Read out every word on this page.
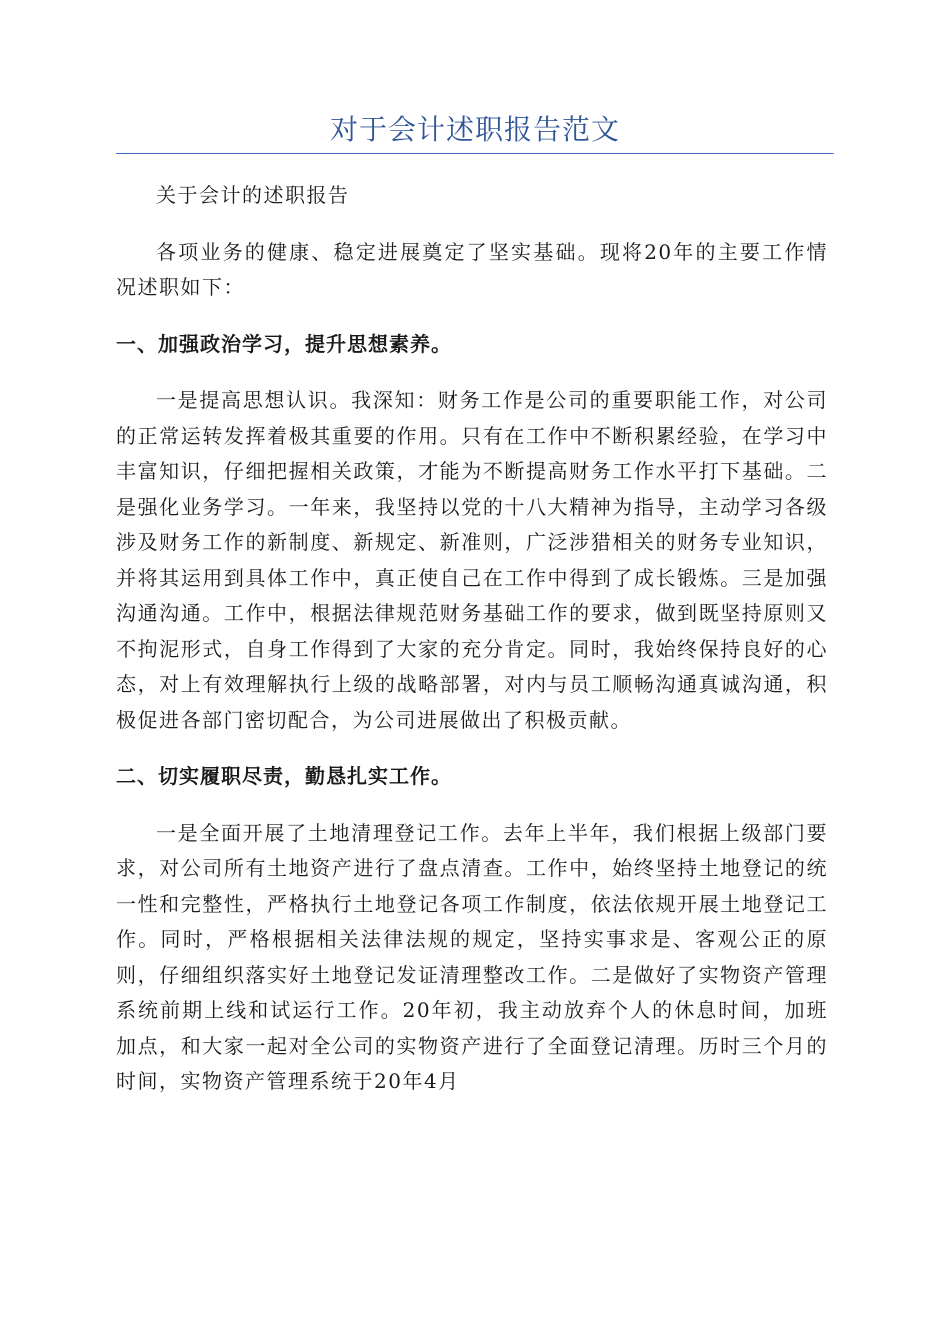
对于会计述职报告范文

关于会计的述职报告

各项业务的健康、稳定进展奠定了坚实基础。现将20年的主要工作情况述职如下：

一、加强政治学习，提升思想素养。

一是提高思想认识。我深知：财务工作是公司的重要职能工作，对公司的正常运转发挥着极其重要的作用。只有在工作中不断积累经验，在学习中丰富知识，仔细把握相关政策，才能为不断提高财务工作水平打下基础。二是强化业务学习。一年来，我坚持以党的十八大精神为指导，主动学习各级涉及财务工作的新制度、新规定、新准则，广泛涉猎相关的财务专业知识，并将其运用到具体工作中，真正使自己在工作中得到了成长锻炼。三是加强沟通沟通。工作中，根据法律规范财务基础工作的要求，做到既坚持原则又不拘泥形式，自身工作得到了大家的充分肯定。同时，我始终保持良好的心态，对上有效理解执行上级的战略部署，对内与员工顺畅沟通真诚沟通，积极促进各部门密切配合，为公司进展做出了积极贡献。

二、切实履职尽责，勤恳扎实工作。

一是全面开展了土地清理登记工作。去年上半年，我们根据上级部门要求，对公司所有土地资产进行了盘点清查。工作中，始终坚持土地登记的统一性和完整性，严格执行土地登记各项工作制度，依法依规开展土地登记工作。同时，严格根据相关法律法规的规定，坚持实事求是、客观公正的原则，仔细组织落实好土地登记发证清理整改工作。二是做好了实物资产管理系统前期上线和试运行工作。20年初，我主动放弃个人的休息时间，加班加点，和大家一起对全公司的实物资产进行了全面登记清理。历时三个月的时间，实物资产管理系统于20年4月
